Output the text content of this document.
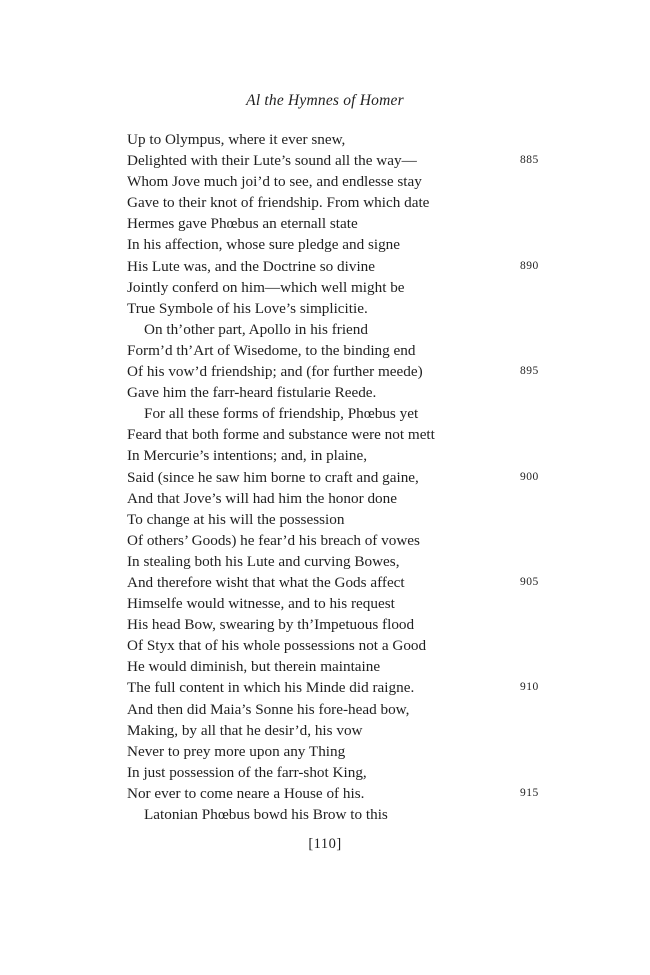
Al the Hymnes of Homer
Up to Olympus, where it ever snew,
Delighted with their Lute’s sound all the way—	885
Whom Jove much joi’d to see, and endlesse stay
Gave to their knot of friendship. From which date
Hermes gave Phœbus an eternall state
In his affection, whose sure pledge and signe
His Lute was, and the Doctrine so divine	890
Jointly conferd on him—which well might be
True Symbole of his Love’s simplicitie.
On th’other part, Apollo in his friend
Form’d th’Art of Wisedome, to the binding end
Of his vow’d friendship; and (for further meede)	895
Gave him the farr-heard fistularie Reede.
For all these forms of friendship, Phœbus yet
Feard that both forme and substance were not mett
In Mercurie’s intentions; and, in plaine,
Said (since he saw him borne to craft and gaine,	900
And that Jove’s will had him the honor done
To change at his will the possession
Of others’ Goods) he fear’d his breach of vowes
In stealing both his Lute and curving Bowes,
And therefore wisht that what the Gods affect	905
Himselfe would witnesse, and to his request
His head Bow, swearing by th’Impetuous flood
Of Styx that of his whole possessions not a Good
He would diminish, but therein maintaine
The full content in which his Minde did raigne.	910
And then did Maia’s Sonne his fore-head bow,
Making, by all that he desir’d, his vow
Never to prey more upon any Thing
In just possession of the farr-shot King,
Nor ever to come neare a House of his.	915
Latonian Phœbus bowd his Brow to this
[110]
